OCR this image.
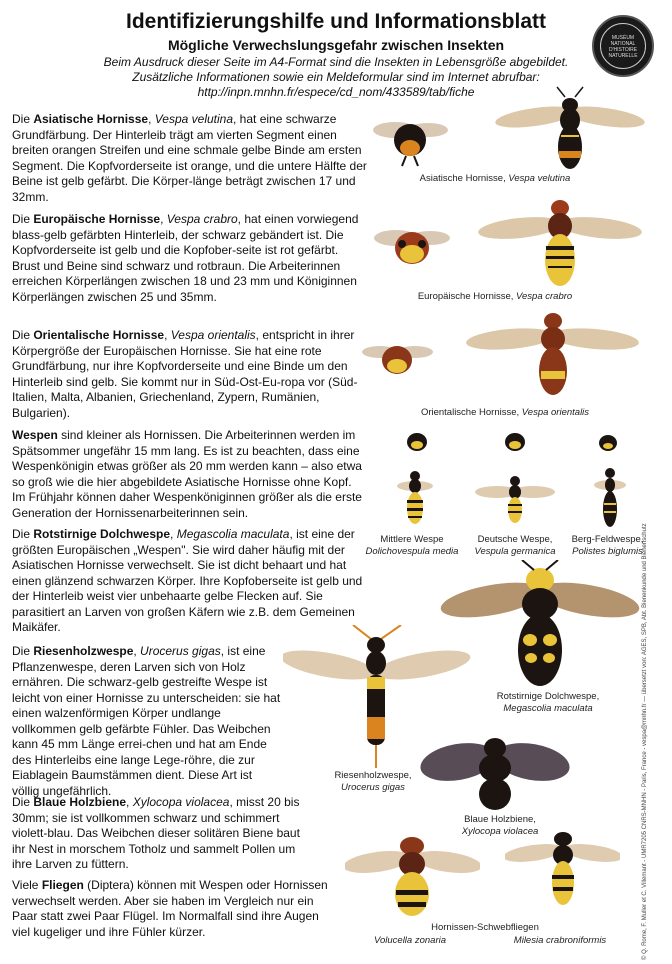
Identifizierungshilfe und Informationsblatt
Mögliche Verwechslungsgefahr zwischen Insekten
Beim Ausdruck dieser Seite im A4-Format sind die Insekten in Lebensgröße abgebildet.
Zusätzliche Informationen sowie ein Meldeformular sind im Internet abrufbar:
http://inpn.mnhn.fr/espece/cd_nom/433589/tab/fiche
MUSÉUM NATIONAL D'HISTOIRE NATURELLE
Die Asiatische Hornisse, Vespa velutina, hat eine schwarze Grundfärbung. Der Hinterleib trägt am vierten Segment einen breiten orangen Streifen und eine schmale gelbe Binde am ersten Segment. Die Kopfvorderseite ist orange, und die untere Hälfte der Beine ist gelb gefärbt. Die Körper-länge beträgt zwischen 17 und 32mm.
Die Europäische Hornisse, Vespa crabro, hat einen vorwiegend blass-gelb gefärbten Hinterleib, der schwarz gebändert ist. Die Kopfvorderseite ist gelb und die Kopfober-seite ist rot gefärbt. Brust und Beine sind schwarz und rotbraun. Die Arbeiterinnen erreichen Körperlängen zwischen 18 und 23 mm und Königinnen Körperlängen zwischen 25 und 35mm.
Die Orientalische Hornisse, Vespa orientalis, entspricht in ihrer Körpergröße der Europäischen Hornisse. Sie hat eine rote Grundfärbung, nur ihre Kopfvorderseite und eine Binde um den Hinterleib sind gelb. Sie kommt nur in Süd-Ost-Eu-ropa vor (Süd-Italien, Malta, Albanien, Griechenland, Zypern, Rumänien, Bulgarien).
Wespen sind kleiner als Hornissen. Die Arbeiterinnen werden im Spätsommer ungefähr 15 mm lang. Es ist zu beachten, dass eine Wespenkönigin etwas größer als 20 mm werden kann – also etwa so groß wie die hier abgebildete Asiatische Hornisse ohne Kopf. Im Frühjahr können daher Wespenköniginnen größer als die erste Generation der Hornissenarbeiterinnen sein.
Die Rotstirnige Dolchwespe, Megascolia maculata, ist eine der größten Europäischen „Wespen". Sie wird daher häufig mit der Asiatischen Hornisse verwechselt. Sie ist dicht behaart und hat einen glänzend schwarzen Körper. Ihre Kopfoberseite ist gelb und der Hinterleib weist vier unbehaarte gelbe Flecken auf. Sie parasitiert an Larven von großen Käfern wie z.B. dem Gemeinen Maikäfer.
Die Riesenholzwespe, Urocerus gigas, ist eine Pflanzenwespe, deren Larven sich von Holz ernähren. Die schwarz-gelb gestreifte Wespe ist leicht von einer Hornisse zu unterscheiden: sie hat einen walzenförmigen Körper undlange vollkommen gelb gefärbte Fühler. Das Weibchen kann 45 mm Länge errei-chen und hat am Ende des Hinterleibs eine lange Lege-röhre, die zur Eiablagein Baumstämmen dient. Diese Art ist völlig ungefährlich.
Die Blaue Holzbiene, Xylocopa violacea, misst 20 bis 30mm; sie ist vollkommen schwarz und schimmert violett-blau. Das Weibchen dieser solitären Biene baut ihr Nest in morschem Totholz und sammelt Pollen um ihre Larven zu füttern.
Viele Fliegen (Diptera) können mit Wespen oder Hornissen verwechselt werden. Aber sie haben im Vergleich nur ein Paar statt zwei Paar Flügel. Im Normalfall sind ihre Augen viel kugeliger und ihre Fühler kürzer.
Asiatische Hornisse, Vespa velutina
Europäische Hornisse, Vespa crabro
Orientalische Hornisse, Vespa orientalis
Mittlere Wespe
Dolichovespula media
Deutsche Wespe,
Vespula germanica
Berg-Feldwespe,
Polistes biglumis
Rotstirnige Dolchwespe,
Megascolia maculata
Riesenholzwespe,
Urocerus gigas
Blaue Holzbiene,
Xylocopa violacea
Hornissen-Schwebfliegen
Volucella zonaria	Milesia crabroniformis	© Q. Rome, F. Muller et C. Villemant - UMR7205 CNRS-MNHN - Paris, France - vespa@mnhn.fr — übersetzt von: AGES, SPB, Abt. Bienenkunde und Bienenschutz
